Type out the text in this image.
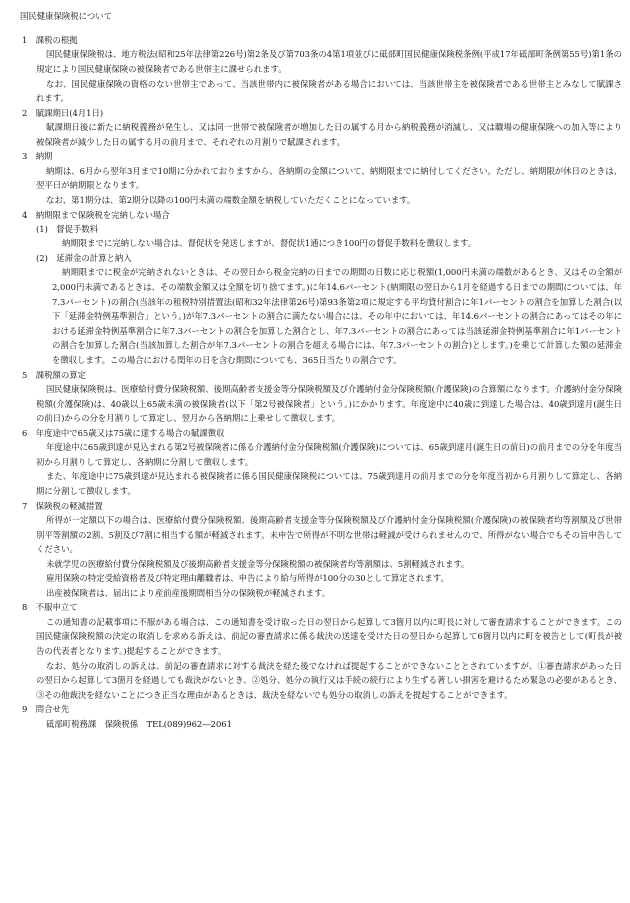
国民健康保険税について
1　課税の根拠

国民健康保険税は、地方税法(昭和25年法律第226号)第2条及び第703条の4第1項並びに砥部町国民健康保険税条例(平成17年砥部町条例第55号)第1条の規定により国民健康保険の被保険者である世帯主に課せられます。

なお、国民健康保険の資格のない世帯主であって、当該世帯内に被保険者がある場合においては、当該世帯主を被保険者である世帯主とみなして賦課されます。

2　賦課期日(4月1日)

賦課期日後に新たに納税義務が発生し、又は同一世帯で被保険者が増加した日の属する月から納税義務が消滅し、又は職場の健康保険への加入等により被保険者が減少した日の属する月の前月まで、それぞれの月割りで賦課されます。

3　納期

納期は、6月から翌年3月まで10期に分かれておりますから、各納期の金額について、納期限までに納付してください。ただし、納期限が休日のときは、翌平日が納期限となります。

なお、第1期分は、第2期分以降の100円未満の端数金額を納税していただくことになっています。

4　納期限まで保険税を完納しない場合
(1)　督促手数料

納期限までに完納しない場合は、督促状を発送しますが、督促状1通につき100円の督促手数料を徴収します。

(2)　延滞金の計算と納入

納期限までに税金が完納されないときは、その翌日から税金完納の日までの期間の日数に応じ税額(1,000円未満の端数があるとき、又はその全額が2,000円未満であるときは、その端数金額又は全額を切り捨てます。)に年14.6パーセント(納期限の翌日から1月を経過する日までの期間については、年7.3パーセント)の割合(当該年の租税特別措置法(昭和32年法律第26号)第93条第2項に規定する平均貸付割合に年1パーセントの割合を加算した割合(以下「延滞金特例基準割合」という。)が年7.3パーセントの割合に満たない場合には、その年中においては、年14.6パーセントの割合にあってはその年における延滞金特例基準割合に年7.3パーセントの割合を加算した割合とし、年7.3パーセントの割合にあっては当該延滞金特例基準割合に年1パーセントの割合を加算した割合(当該加算した割合が年7.3パーセントの割合を超える場合には、年7.3パーセントの割合)とします。)を乗じて計算した額の延滞金を徴収します。この場合における閏年の日を含む期間についても、365日当たりの割合です。

5　課税額の算定

国民健康保険税は、医療給付費分保険税額、後期高齢者支援金等分保険税額及び介護納付金分保険税額(介護保険)の合算額になります。介護納付金分保険税額(介護保険)は、40歳以上65歳未満の被保険者(以下「第2号被保険者」という。)にかかります。年度途中に40歳に到達した場合は、40歳到達月(誕生日の前日)からの分を月割りして算定し、翌月から各納期に上乗せして徴収します。

6　年度途中で65歳又は75歳に達する場合の賦課徴収

年度途中に65歳到達が見込まれる第2号被保険者に係る介護納付金分保険税額(介護保険)については、65歳到達月(誕生日の前日)の前月までの分を年度当初から月割りして算定し、各納期に分割して徴収します。

また、年度途中に75歳到達が見込まれる被保険者に係る国民健康保険税については、75歳到達月の前月までの分を年度当初から月割りして算定し、各納期に分割して徴収します。

7　保険税の軽減措置

所得が一定額以下の場合は、医療給付費分保険税額、後期高齢者支援金等分保険税額及び介護納付金分保険税額(介護保険)の被保険者均等割額及び世帯別平等割額の2割、5割及び7割に相当する額が軽減されます。未申告で所得が不明な世帯は軽減が受けられませんので、所得がない場合でもその旨申告してください。

未就学児の医療給付費分保険税額及び後期高齢者支援金等分保険税額の被保険者均等割額は、5割軽減されます。

雇用保険の特定受給資格者及び特定理由離職者は、申告により給与所得が100分の30として算定されます。

出産被保険者は、届出により産前産後期間相当分の保険税が軽減されます。

8　不服申立て

この通知書の記載事項に不服がある場合は、この通知書を受け取った日の翌日から起算して3箇月以内に町長に対して審査請求することができます。この国民健康保険税額の決定の取消しを求める訴えは、前記の審査請求に係る裁決の送達を受けた日の翌日から起算して6箇月以内に町を被告として(町長が被告の代表者となります。)提起することができます。

なお、処分の取消しの訴えは、前記の審査請求に対する裁決を経た後でなければ提起することができないこととされていますが、①審査請求があった日の翌日から起算して3箇月を経過しても裁決がないとき、②処分、処分の執行又は手続の続行により生ずる著しい損害を避けるため緊急の必要があるとき、③その他裁決を経ないことにつき正当な理由があるときは、裁決を経ないでも処分の取消しの訴えを提起することができます。

9　問合せ先

砥部町税務課　保険税係　TEL(089)962―2061
